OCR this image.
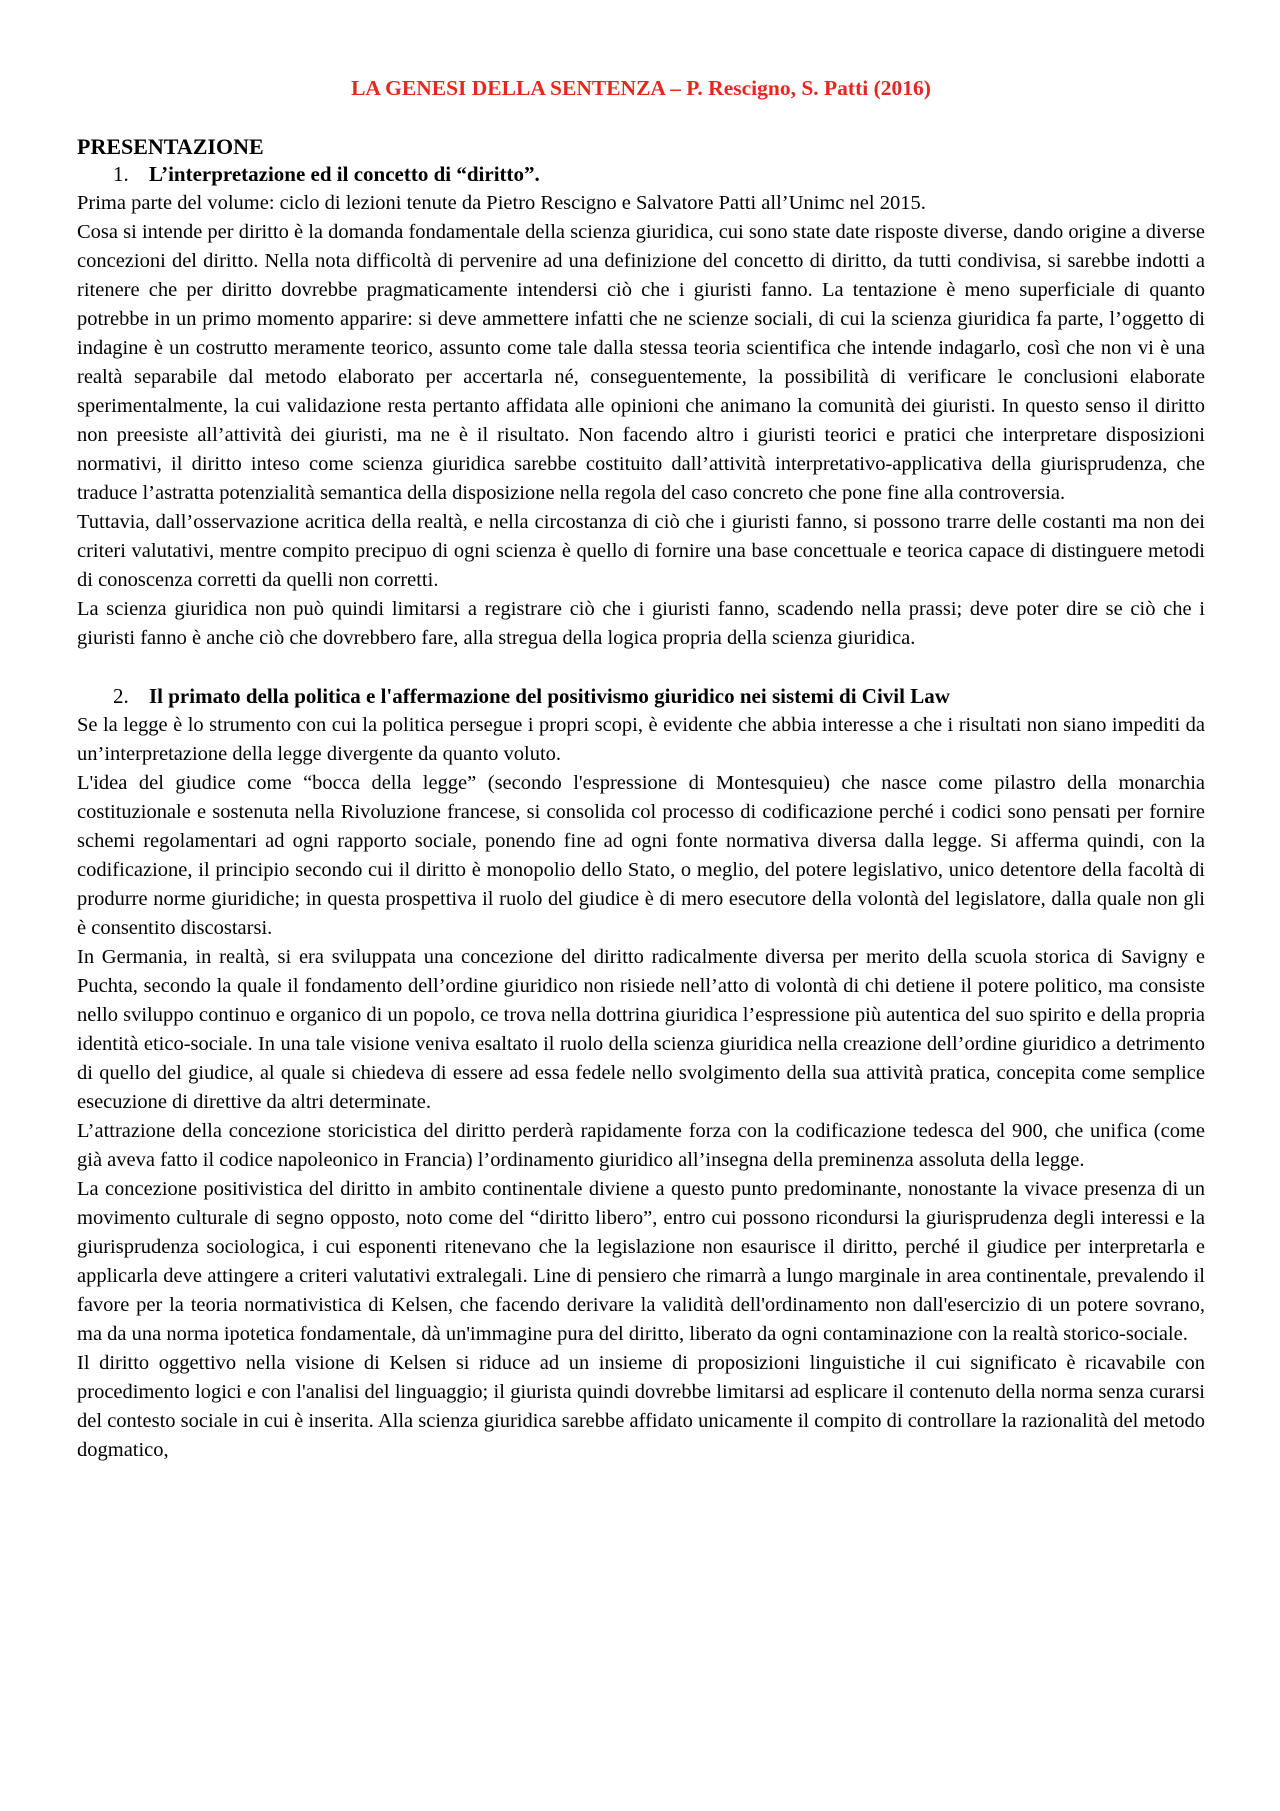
LA GENESI DELLA SENTENZA – P. Rescigno, S. Patti (2016)
PRESENTAZIONE
1. L’interpretazione ed il concetto di “diritto”.

Prima parte del volume: ciclo di lezioni tenute da Pietro Rescigno e Salvatore Patti all’Unimc nel 2015.

Cosa si intende per diritto è la domanda fondamentale della scienza giuridica, cui sono state date risposte diverse, dando origine a diverse concezioni del diritto. Nella nota difficoltà di pervenire ad una definizione del concetto di diritto, da tutti condivisa, si sarebbe indotti a ritenere che per diritto dovrebbe pragmaticamente intendersi ciò che i giuristi fanno. La tentazione è meno superficiale di quanto potrebbe in un primo momento apparire: si deve ammettere infatti che ne scienze sociali, di cui la scienza giuridica fa parte, l’oggetto di indagine è un costrutto meramente teorico, assunto come tale dalla stessa teoria scientifica che intende indagarlo, così che non vi è una realtà separabile dal metodo elaborato per accertarla né, conseguentemente, la possibilità di verificare le conclusioni elaborate sperimentalmente, la cui validazione resta pertanto affidata alle opinioni che animano la comunità dei giuristi. In questo senso il diritto non preesiste all’attività dei giuristi, ma ne è il risultato. Non facendo altro i giuristi teorici e pratici che interpretare disposizioni normativi, il diritto inteso come scienza giuridica sarebbe costituito dall’attività interpretativo-applicativa della giurisprudenza, che traduce l’astratta potenzialità semantica della disposizione nella regola del caso concreto che pone fine alla controversia.

Tuttavia, dall’osservazione acritica della realtà, e nella circostanza di ciò che i giuristi fanno, si possono trarre delle costanti ma non dei criteri valutativi, mentre compito precipuo di ogni scienza è quello di fornire una base concettuale e teorica capace di distinguere metodi di conoscenza corretti da quelli non corretti.

La scienza giuridica non può quindi limitarsi a registrare ciò che i giuristi fanno, scadendo nella prassi; deve poter dire se ciò che i giuristi fanno è anche ciò che dovrebbero fare, alla stregua della logica propria della scienza giuridica.

2. Il primato della politica e l'affermazione del positivismo giuridico nei sistemi di Civil Law

Se la legge è lo strumento con cui la politica persegue i propri scopi, è evidente che abbia interesse a che i risultati non siano impediti da un’interpretazione della legge divergente da quanto voluto.

L'idea del giudice come “bocca della legge” (secondo l'espressione di Montesquieu) che nasce come pilastro della monarchia costituzionale e sostenuta nella Rivoluzione francese, si consolida col processo di codificazione perché i codici sono pensati per fornire schemi regolamentari ad ogni rapporto sociale, ponendo fine ad ogni fonte normativa diversa dalla legge. Si afferma quindi, con la codificazione, il principio secondo cui il diritto è monopolio dello Stato, o meglio, del potere legislativo, unico detentore della facoltà di produrre norme giuridiche; in questa prospettiva il ruolo del giudice è di mero esecutore della volontà del legislatore, dalla quale non gli è consentito discostarsi.

In Germania, in realtà, si era sviluppata una concezione del diritto radicalmente diversa per merito della scuola storica di Savigny e Puchta, secondo la quale il fondamento dell’ordine giuridico non risiede nell’atto di volontà di chi detiene il potere politico, ma consiste nello sviluppo continuo e organico di un popolo, ce trova nella dottrina giuridica l’espressione più autentica del suo spirito e della propria identità etico-sociale. In una tale visione veniva esaltato il ruolo della scienza giuridica nella creazione dell’ordine giuridico a detrimento di quello del giudice, al quale si chiedeva di essere ad essa fedele nello svolgimento della sua attività pratica, concepita come semplice esecuzione di direttive da altri determinate.

L’attrazione della concezione storicistica del diritto perderà rapidamente forza con la codificazione tedesca del 900, che unifica (come già aveva fatto il codice napoleonico in Francia) l’ordinamento giuridico all’insegna della preminenza assoluta della legge.

La concezione positivistica del diritto in ambito continentale diviene a questo punto predominante, nonostante la vivace presenza di un movimento culturale di segno opposto, noto come del “diritto libero”, entro cui possono ricondursi la giurisprudenza degli interessi e la giurisprudenza sociologica, i cui esponenti ritenevano che la legislazione non esaurisce il diritto, perché il giudice per interpretarla e applicarla deve attingere a criteri valutativi extralegali. Line di pensiero che rimarrà a lungo marginale in area continentale, prevalendo il favore per la teoria normativistica di Kelsen, che facendo derivare la validità dell'ordinamento non dall'esercizio di un potere sovrano, ma da una norma ipotetica fondamentale, dà un'immagine pura del diritto, liberato da ogni contaminazione con la realtà storico-sociale.

Il diritto oggettivo nella visione di Kelsen si riduce ad un insieme di proposizioni linguistiche il cui significato è ricavabile con procedimento logici e con l'analisi del linguaggio; il giurista quindi dovrebbe limitarsi ad esplicare il contenuto della norma senza curarsi del contesto sociale in cui è inserita. Alla scienza giuridica sarebbe affidato unicamente il compito di controllare la razionalità del metodo dogmatico,
